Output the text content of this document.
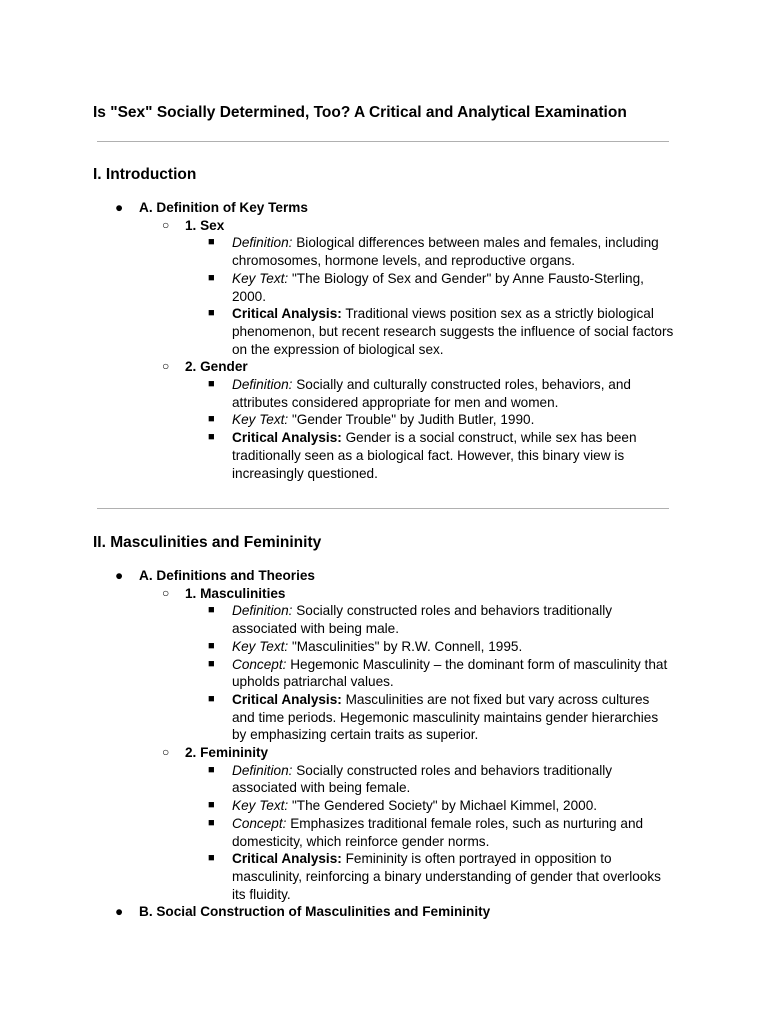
Is "Sex" Socially Determined, Too? A Critical and Analytical Examination
I. Introduction
● A. Definition of Key Terms
○ 1. Sex
■ Definition: Biological differences between males and females, including chromosomes, hormone levels, and reproductive organs.
■ Key Text: "The Biology of Sex and Gender" by Anne Fausto-Sterling, 2000.
■ Critical Analysis: Traditional views position sex as a strictly biological phenomenon, but recent research suggests the influence of social factors on the expression of biological sex.
○ 2. Gender
■ Definition: Socially and culturally constructed roles, behaviors, and attributes considered appropriate for men and women.
■ Key Text: "Gender Trouble" by Judith Butler, 1990.
■ Critical Analysis: Gender is a social construct, while sex has been traditionally seen as a biological fact. However, this binary view is increasingly questioned.
II. Masculinities and Femininity
● A. Definitions and Theories
○ 1. Masculinities
■ Definition: Socially constructed roles and behaviors traditionally associated with being male.
■ Key Text: "Masculinities" by R.W. Connell, 1995.
■ Concept: Hegemonic Masculinity – the dominant form of masculinity that upholds patriarchal values.
■ Critical Analysis: Masculinities are not fixed but vary across cultures and time periods. Hegemonic masculinity maintains gender hierarchies by emphasizing certain traits as superior.
○ 2. Femininity
■ Definition: Socially constructed roles and behaviors traditionally associated with being female.
■ Key Text: "The Gendered Society" by Michael Kimmel, 2000.
■ Concept: Emphasizes traditional female roles, such as nurturing and domesticity, which reinforce gender norms.
■ Critical Analysis: Femininity is often portrayed in opposition to masculinity, reinforcing a binary understanding of gender that overlooks its fluidity.
● B. Social Construction of Masculinities and Femininity
